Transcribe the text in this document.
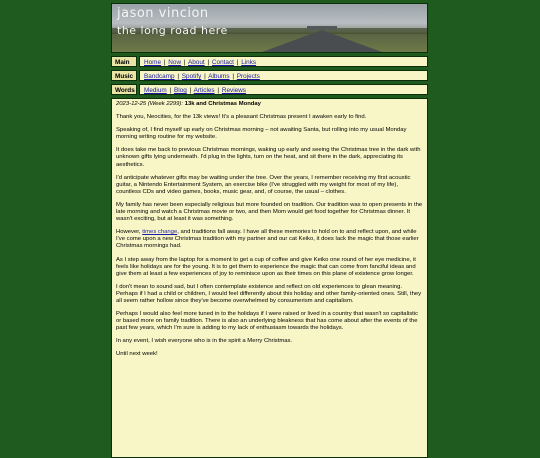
jason vincion
the long road here
Main	Home | Now | About | Contact | Links
Music	Bandcamp | Spotify | Albums | Projects
Words	Medium | Blog | Articles | Reviews

2023-12-25 (Week 2299): 13k and Christmas Monday

Thank you, Neocities, for the 13k views! It's a pleasant Christmas present I awaken early to find.

Speaking of, I find myself up early on Christmas morning – not awaiting Santa, but rolling into my usual Monday morning writing routine for my website.

It does take me back to previous Christmas mornings, waking up early and seeing the Christmas tree in the dark with unknown gifts lying underneath. I'd plug in the lights, turn on the heat, and sit there in the dark, appreciating its aesthetics.

I'd anticipate whatever gifts may be waiting under the tree. Over the years, I remember receiving my first acoustic guitar, a Nintendo Entertainment System, an exercise bike (I've struggled with my weight for most of my life), countless CDs and video games, books, music gear, and, of course, the usual – clothes.

My family has never been especially religious but more founded on tradition. Our tradition was to open presents in the late morning and watch a Christmas movie or two, and then Mom would get food together for Christmas dinner. It wasn't exciting, but at least it was something.

However, times change, and traditions fall away. I have all these memories to hold on to and reflect upon, and while I've come upon a new Christmas tradition with my partner and our cat Keiko, it does lack the magic that those earlier Christmas mornings had.

As I step away from the laptop for a moment to get a cup of coffee and give Keiko one round of her eye medicine, it feels like holidays are for the young. It is to get them to experience the magic that can come from fanciful ideas and give them at least a few experiences of joy to reminisce upon as their times on this plane of existence grow longer.

I don't mean to sound sad, but I often contemplate existence and reflect on old experiences to glean meaning. Perhaps if I had a child or children, I would feel differently about this holiday and other family-oriented ones. Still, they all seem rather hollow since they've become overwhelmed by consumerism and capitalism.

Perhaps I would also feel more tuned in to the holidays if I were raised or lived in a country that wasn't so capitalistic or based more on family tradition. There is also an underlying bleakness that has come about after the events of the past few years, which I'm sure is adding to my lack of enthusiasm towards the holidays.

In any event, I wish everyone who is in the spirit a Merry Christmas.

Until next week!
